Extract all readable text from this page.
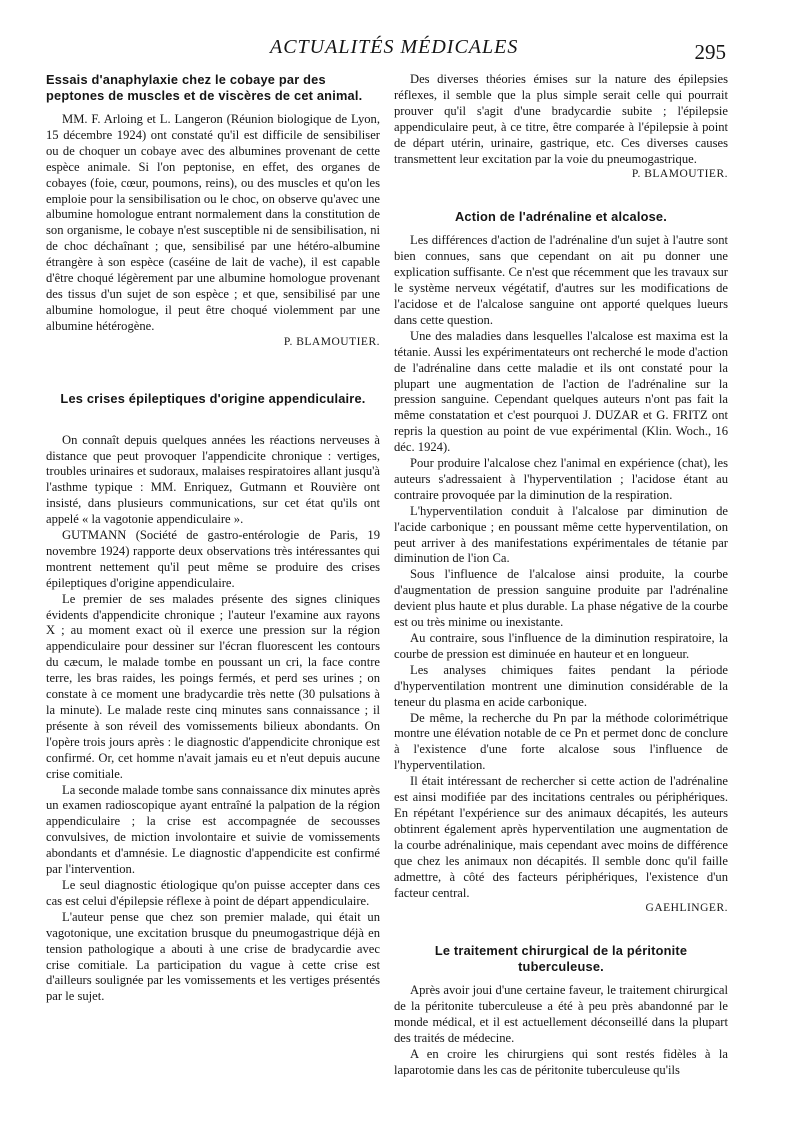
ACTUALITÉS MÉDICALES	295
Essais d'anaphylaxie chez le cobaye par des peptones de muscles et de viscères de cet animal.

MM. F. Arloing et L. Langeron (Réunion biologique de Lyon, 15 décembre 1924) ont constaté qu'il est difficile de sensibiliser ou de choquer un cobaye avec des albumines provenant de cette espèce animale. Si l'on peptonise, en effet, des organes de cobayes (foie, cœur, poumons, reins), ou des muscles et qu'on les emploie pour la sensibilisation ou le choc, on observe qu'avec une albumine homologue entrant normalement dans la constitution de son organisme, le cobaye n'est susceptible ni de sensibilisation, ni de choc déchaînant ; que, sensibilisé par une hétéro-albumine étrangère à son espèce (caséine de lait de vache), il est capable d'être choqué légèrement par une albumine homologue provenant des tissus d'un sujet de son espèce ; et que, sensibilisé par une albumine homologue, il peut être choqué violemment par une albumine hétérogène.

P. BLAMOUTIER.

Les crises épileptiques d'origine appendiculaire.

On connaît depuis quelques années les réactions nerveuses à distance que peut provoquer l'appendicite chronique : vertiges, troubles urinaires et sudoraux, malaises respiratoires allant jusqu'à l'asthme typique : MM. Enriquez, Gutmann et Rouvière ont insisté, dans plusieurs communications, sur cet état qu'ils ont appelé « la vagotonie appendiculaire ».

GUTMANN (Société de gastro-entérologie de Paris, 19 novembre 1924) rapporte deux observations très intéressantes qui montrent nettement qu'il peut même se produire des crises épileptiques d'origine appendiculaire.

Le premier de ses malades présente des signes cliniques évidents d'appendicite chronique ; l'auteur l'examine aux rayons X ; au moment exact où il exerce une pression sur la région appendiculaire pour dessiner sur l'écran fluorescent les contours du cæcum, le malade tombe en poussant un cri, la face contre terre, les bras raides, les poings fermés, et perd ses urines ; on constate à ce moment une bradycardie très nette (30 pulsations à la minute). Le malade reste cinq minutes sans connaissance ; il présente à son réveil des vomissements bilieux abondants. On l'opère trois jours après : le diagnostic d'appendicite chronique est confirmé. Or, cet homme n'avait jamais eu et n'eut depuis aucune crise comitiale.

La seconde malade tombe sans connaissance dix minutes après un examen radioscopique ayant entraîné la palpation de la région appendiculaire ; la crise est accompagnée de secousses convulsives, de miction involontaire et suivie de vomissements abondants et d'amnésie. Le diagnostic d'appendicite est confirmé par l'intervention.

Le seul diagnostic étiologique qu'on puisse accepter dans ces cas est celui d'épilepsie réflexe à point de départ appendiculaire.

L'auteur pense que chez son premier malade, qui était un vagotonique, une excitation brusque du pneumogastrique déjà en tension pathologique a abouti à une crise de bradycardie avec crise comitiale. La participation du vague à cette crise est d'ailleurs soulignée par les vomissements et les vertiges présentés par le sujet.

Des diverses théories émises sur la nature des épilepsies réflexes, il semble que la plus simple serait celle qui pourrait prouver qu'il s'agit d'une bradycardie subite ; l'épilepsie appendiculaire peut, à ce titre, être comparée à l'épilepsie à point de départ utérin, urinaire, gastrique, etc. Ces diverses causes transmettent leur excitation par la voie du pneumogastrique.

P. BLAMOUTIER.

Action de l'adrénaline et alcalose.

Les différences d'action de l'adrénaline d'un sujet à l'autre sont bien connues, sans que cependant on ait pu donner une explication suffisante. Ce n'est que récemment que les travaux sur le système nerveux végétatif, d'autres sur les modifications de l'acidose et de l'alcalose sanguine ont apporté quelques lueurs dans cette question.

Une des maladies dans lesquelles l'alcalose est maxima est la tétanie. Aussi les expérimentateurs ont recherché le mode d'action de l'adrénaline dans cette maladie et ils ont constaté pour la plupart une augmentation de l'action de l'adrénaline sur la pression sanguine. Cependant quelques auteurs n'ont pas fait la même constatation et c'est pourquoi J. DUZAR et G. FRITZ ont repris la question au point de vue expérimental (Klin. Woch., 16 déc. 1924).

Pour produire l'alcalose chez l'animal en expérience (chat), les auteurs s'adressaient à l'hyperventilation ; l'acidose étant au contraire provoquée par la diminution de la respiration.

L'hyperventilation conduit à l'alcalose par diminution de l'acide carbonique ; en poussant même cette hyperventilation, on peut arriver à des manifestations expérimentales de tétanie par diminution de l'ion Ca.

Sous l'influence de l'alcalose ainsi produite, la courbe d'augmentation de pression sanguine produite par l'adrénaline devient plus haute et plus durable. La phase négative de la courbe est ou très minime ou inexistante.

Au contraire, sous l'influence de la diminution respiratoire, la courbe de pression est diminuée en hauteur et en longueur.

Les analyses chimiques faites pendant la période d'hyperventilation montrent une diminution considérable de la teneur du plasma en acide carbonique.

De même, la recherche du Pn par la méthode colorimétrique montre une élévation notable de ce Pn et permet donc de conclure à l'existence d'une forte alcalose sous l'influence de l'hyperventilation.

Il était intéressant de rechercher si cette action de l'adrénaline est ainsi modifiée par des incitations centrales ou périphériques. En répétant l'expérience sur des animaux décapités, les auteurs obtinrent également après hyperventilation une augmentation de la courbe adrénalinique, mais cependant avec moins de différence que chez les animaux non décapités. Il semble donc qu'il faille admettre, à côté des facteurs périphériques, l'existence d'un facteur central.

GAEHLINGER.

Le traitement chirurgical de la péritonite tuberculeuse.

Après avoir joui d'une certaine faveur, le traitement chirurgical de la péritonite tuberculeuse a été à peu près abandonné par le monde médical, et il est actuellement déconseillé dans la plupart des traités de médecine.

A en croire les chirurgiens qui sont restés fidèles à la laparotomie dans les cas de péritonite tuberculeuse qu'ils
